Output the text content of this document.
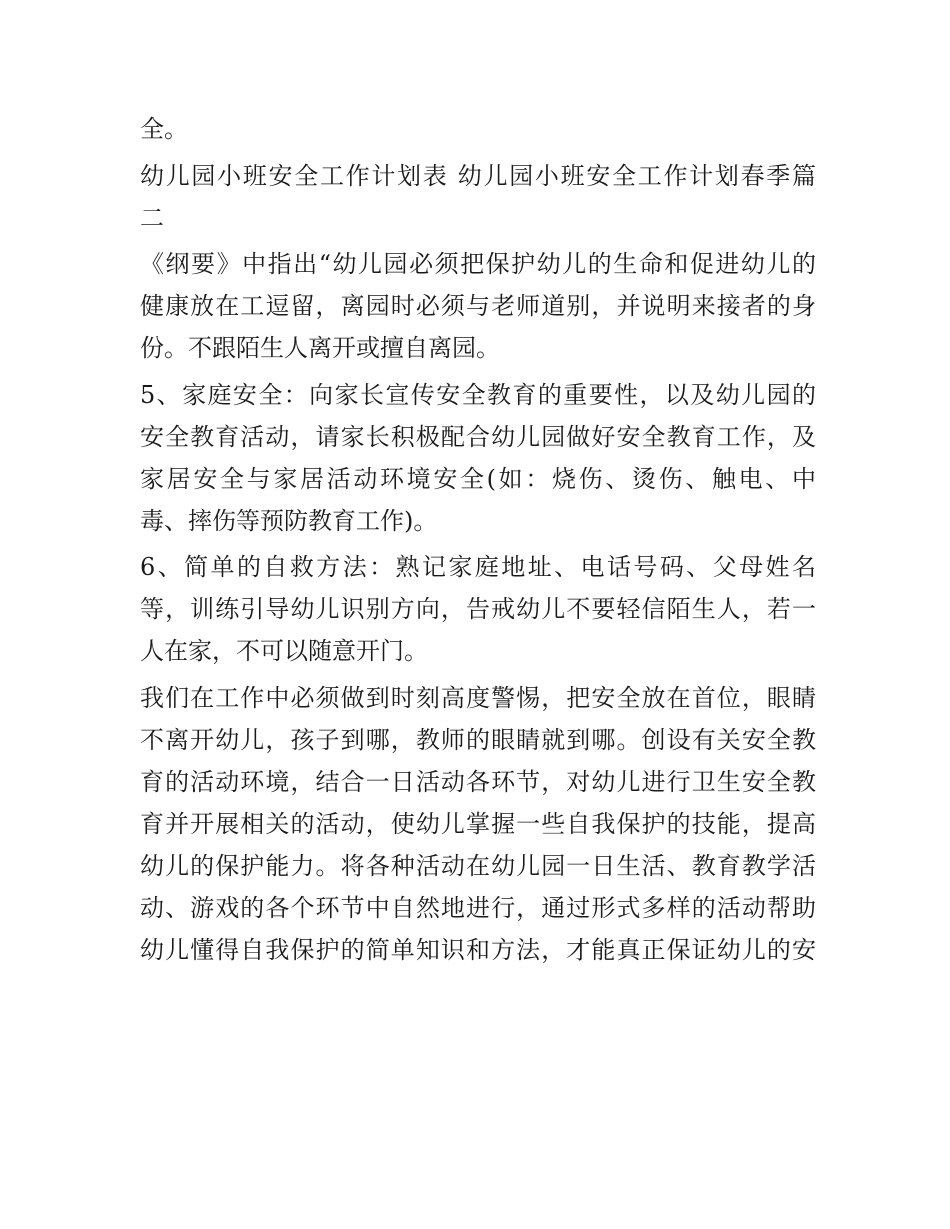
全。
幼儿园小班安全工作计划表 幼儿园小班安全工作计划春季篇
二
《纲要》中指出“幼儿园必须把保护幼儿的生命和促进幼儿的
健康放在工逗留，离园时必须与老师道别，并说明来接者的身
份。不跟陌生人离开或擅自离园。
5、家庭安全：向家长宣传安全教育的重要性，以及幼儿园的
安全教育活动，请家长积极配合幼儿园做好安全教育工作，及
家居安全与家居活动环境安全(如：烧伤、烫伤、触电、中
毒、摔伤等预防教育工作)。
6、简单的自救方法：熟记家庭地址、电话号码、父母姓名
等，训练引导幼儿识别方向，告戒幼儿不要轻信陌生人，若一
人在家，不可以随意开门。
我们在工作中必须做到时刻高度警惕，把安全放在首位，眼睛
不离开幼儿，孩子到哪，教师的眼睛就到哪。创设有关安全教
育的活动环境，结合一日活动各环节，对幼儿进行卫生安全教
育并开展相关的活动，使幼儿掌握一些自我保护的技能，提高
幼儿的保护能力。将各种活动在幼儿园一日生活、教育教学活
动、游戏的各个环节中自然地进行，通过形式多样的活动帮助
幼儿懂得自我保护的简单知识和方法，才能真正保证幼儿的安
